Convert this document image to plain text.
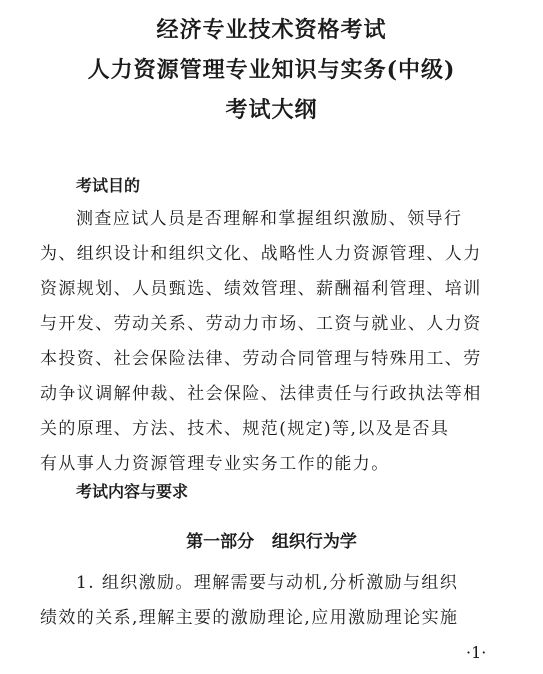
经济专业技术资格考试
人力资源管理专业知识与实务(中级)
考试大纲
考试目的
测查应试人员是否理解和掌握组织激励、领导行
为、组织设计和组织文化、战略性人力资源管理、人力
资源规划、人员甄选、绩效管理、薪酬福利管理、培训
与开发、劳动关系、劳动力市场、工资与就业、人力资
本投资、社会保险法律、劳动合同管理与特殊用工、劳
动争议调解仲裁、社会保险、法律责任与行政执法等相
关的原理、方法、技术、规范(规定)等,以及是否具
有从事人力资源管理专业实务工作的能力。
考试内容与要求
第一部分   组织行为学
1. 组织激励。理解需要与动机,分析激励与组织
绩效的关系,理解主要的激励理论,应用激励理论实施
·1·
